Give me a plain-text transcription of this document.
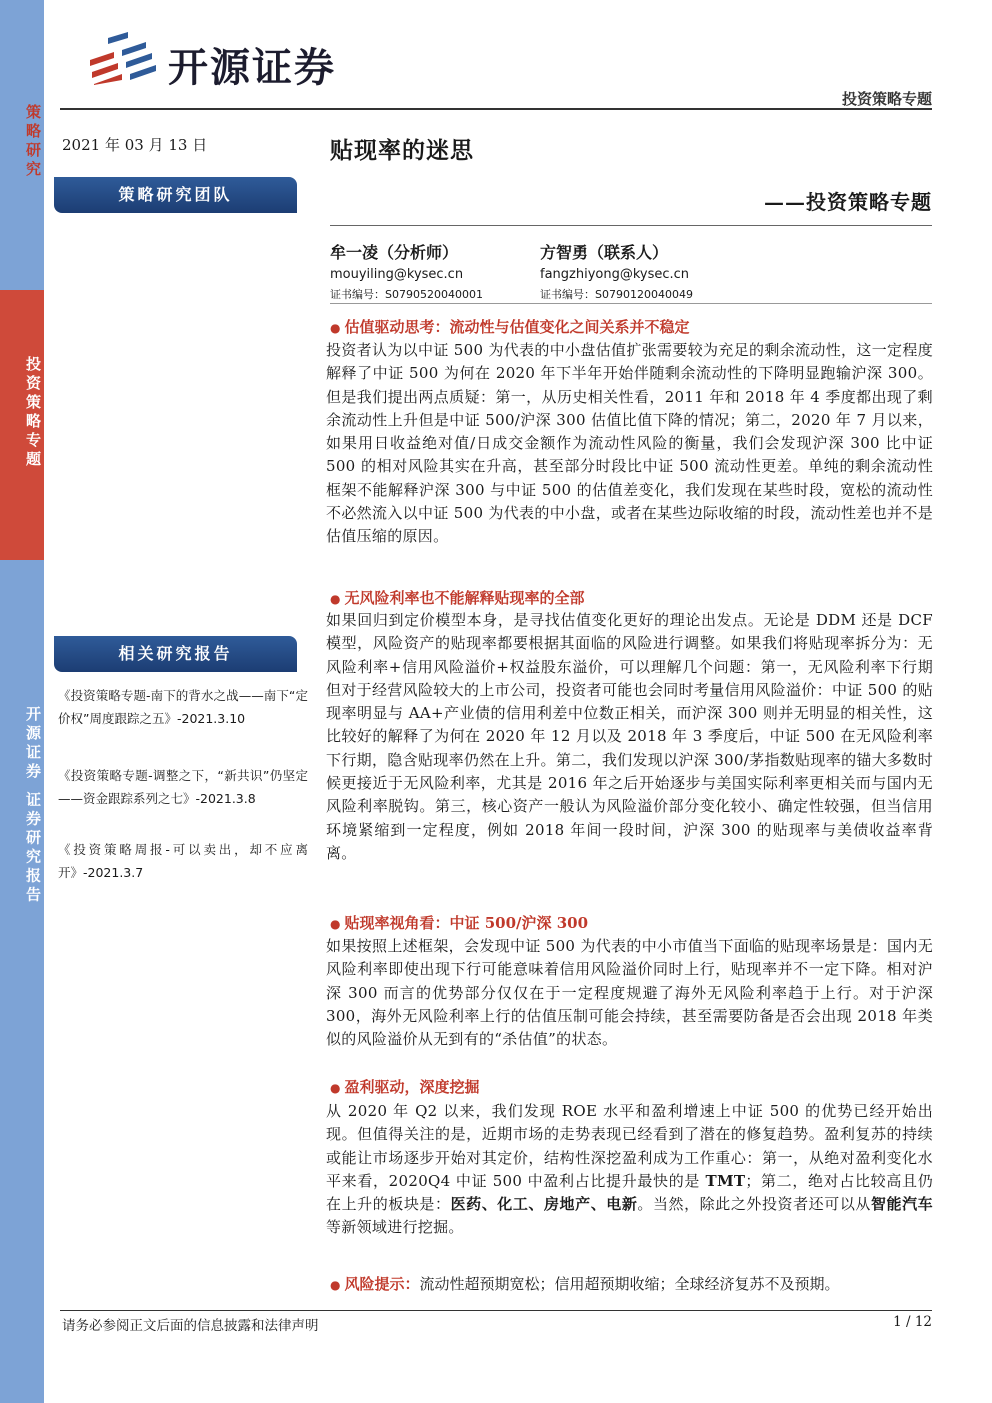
策略研究
投资策略专题
开源证券 证券研究报告
开源证券
投资策略专题
2021 年 03 月 13 日	贴现率的迷思
策略研究团队	——投资策略专题
牟一凌（分析师）
mouyiling@kysec.cn
证书编号：S0790520040001
方智勇（联系人）
fangzhiyong@kysec.cn
证书编号：S0790120040049
相关研究报告
《投资策略专题-南下的背水之战——南下“定价权”周度跟踪之五》-2021.3.10
《投资策略专题-调整之下，“新共识”仍坚定——资金跟踪系列之七》-2021.3.8
《投资策略周报-可以卖出，却不应离开》-2021.3.7
● 估值驱动思考：流动性与估值变化之间关系并不稳定
投资者认为以中证 500 为代表的中小盘估值扩张需要较为充足的剩余流动性，这一定程度解释了中证 500 为何在 2020 年下半年开始伴随剩余流动性的下降明显跑输沪深 300。但是我们提出两点质疑：第一，从历史相关性看，2011 年和 2018 年 4 季度都出现了剩余流动性上升但是中证 500/沪深 300 估值比值下降的情况；第二，2020 年 7 月以来，如果用日收益绝对值/日成交金额作为流动性风险的衡量，我们会发现沪深 300 比中证 500 的相对风险其实在升高，甚至部分时段比中证 500 流动性更差。单纯的剩余流动性框架不能解释沪深 300 与中证 500 的估值差变化，我们发现在某些时段，宽松的流动性不必然流入以中证 500 为代表的中小盘，或者在某些边际收缩的时段，流动性差也并不是估值压缩的原因。
● 无风险利率也不能解释贴现率的全部
如果回归到定价模型本身，是寻找估值变化更好的理论出发点。无论是 DDM 还是 DCF 模型，风险资产的贴现率都要根据其面临的风险进行调整。如果我们将贴现率拆分为：无风险利率+信用风险溢价+权益股东溢价，可以理解几个问题：第一，无风险利率下行期但对于经营风险较大的上市公司，投资者可能也会同时考量信用风险溢价：中证 500 的贴现率明显与 AA+产业债的信用利差中位数正相关，而沪深 300 则并无明显的相关性，这比较好的解释了为何在 2020 年 12 月以及 2018 年 3 季度后，中证 500 在无风险利率下行期，隐含贴现率仍然在上升。第二，我们发现以沪深 300/茅指数贴现率的锚大多数时候更接近于无风险利率，尤其是 2016 年之后开始逐步与美国实际利率更相关而与国内无风险利率脱钩。第三，核心资产一般认为风险溢价部分变化较小、确定性较强，但当信用环境紧缩到一定程度，例如 2018 年间一段时间，沪深 300 的贴现率与美债收益率背离。
● 贴现率视角看：中证 500/沪深 300
如果按照上述框架，会发现中证 500 为代表的中小市值当下面临的贴现率场景是：国内无风险利率即使出现下行可能意味着信用风险溢价同时上行，贴现率并不一定下降。相对沪深 300 而言的优势部分仅仅在于一定程度规避了海外无风险利率趋于上行。对于沪深 300，海外无风险利率上行的估值压制可能会持续，甚至需要防备是否会出现 2018 年类似的风险溢价从无到有的“杀估值”的状态。
● 盈利驱动，深度挖掘
从 2020 年 Q2 以来，我们发现 ROE 水平和盈利增速上中证 500 的优势已经开始出现。但值得关注的是，近期市场的走势表现已经看到了潜在的修复趋势。盈利复苏的持续或能让市场逐步开始对其定价，结构性深挖盈利成为工作重心：第一，从绝对盈利变化水平来看，2020Q4 中证 500 中盈利占比提升最快的是 TMT；第二，绝对占比较高且仍在上升的板块是：医药、化工、房地产、电新。当然，除此之外投资者还可以从智能汽车等新领域进行挖掘。
● 风险提示：流动性超预期宽松；信用超预期收缩；全球经济复苏不及预期。
请务必参阅正文后面的信息披露和法律声明	1 / 12
